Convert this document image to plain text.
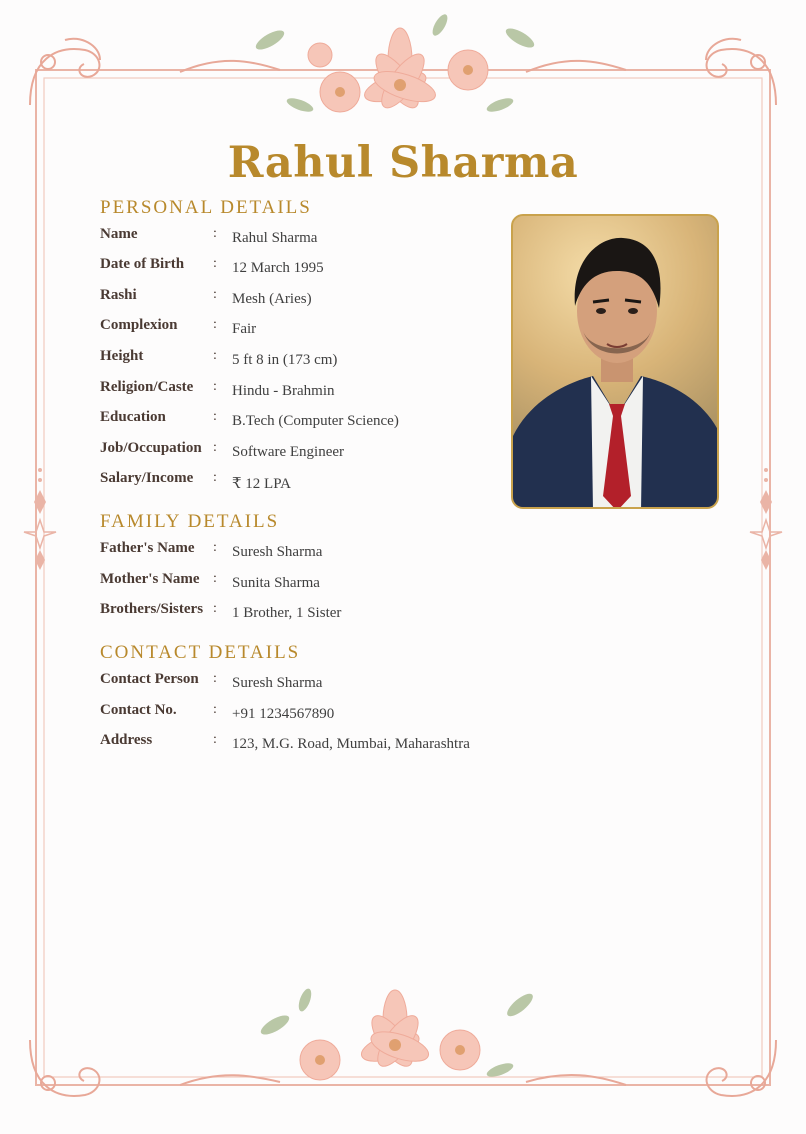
Rahul Sharma
PERSONAL DETAILS
Name	: Rahul Sharma
Date of Birth : 12 March 1995
Rashi	: Mesh (Aries)
Complexion	: Fair
Height	: 5 ft 8 in (173 cm)
Religion/Caste : Hindu - Brahmin
Education	: B.Tech (Computer Science)
Job/Occupation : Software Engineer
Salary/Income : ₹ 12 LPA
FAMILY DETAILS
Father's Name : Suresh Sharma
Mother's Name : Sunita Sharma
Brothers/Sisters : 1 Brother, 1 Sister
CONTACT DETAILS
Contact Person : Suresh Sharma
Contact No.	: +91 1234567890
Address	: 123, M.G. Road, Mumbai, Maharashtra
